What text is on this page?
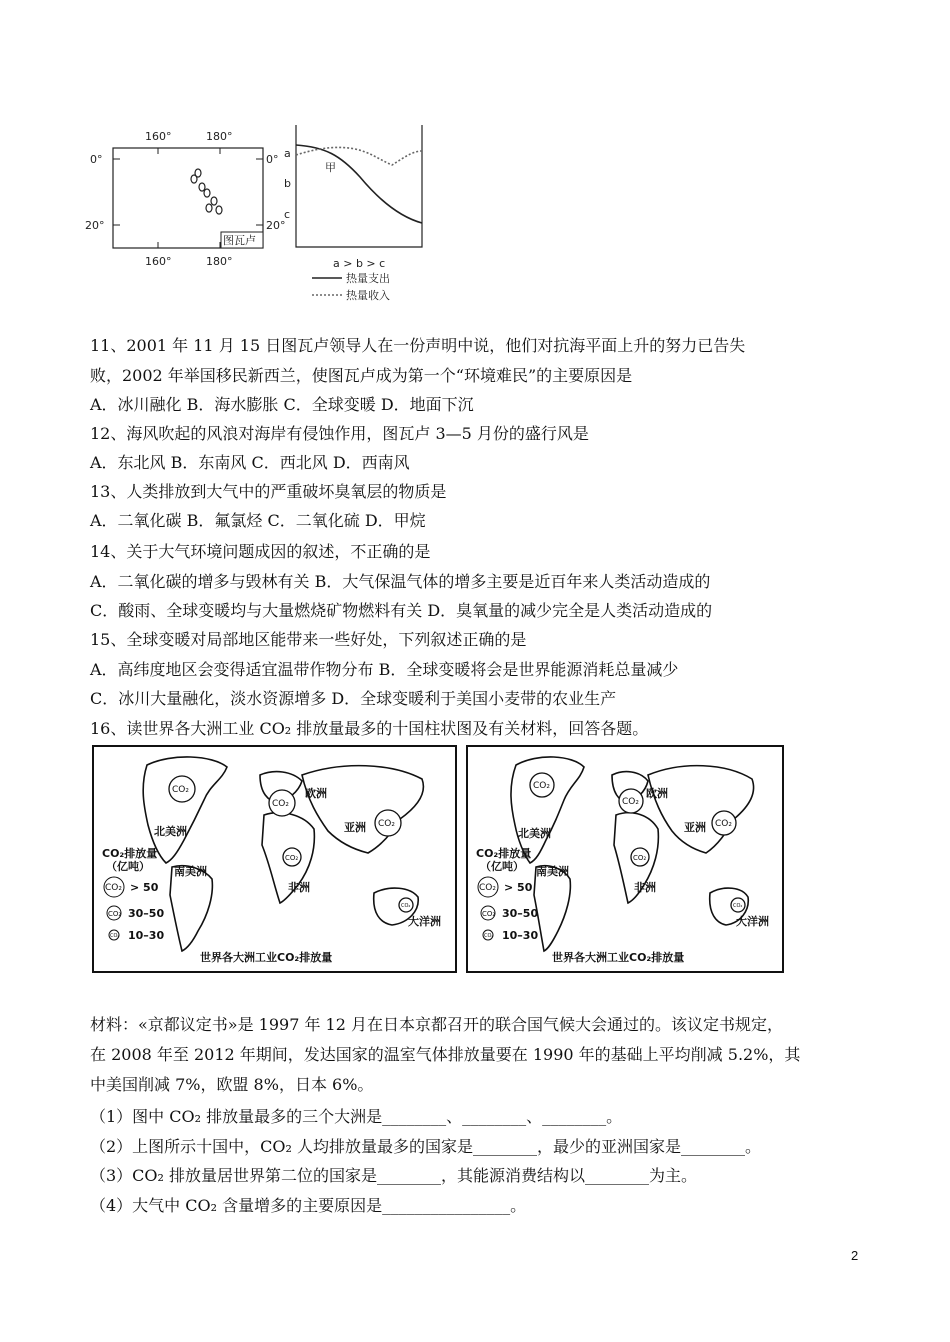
160°	180°
160°	180°
0°	0°
20°	20°
图瓦卢
a
b
c
甲
a > b > c
热量支出
热量收入
11、2001 年 11 月 15 日图瓦卢领导人在一份声明中说，他们对抗海平面上升的努力已告失
败，2002 年举国移民新西兰，使图瓦卢成为第一个“环境难民”的主要原因是
A．冰川融化 B．海水膨胀 C．全球变暖 D．地面下沉
12、海风吹起的风浪对海岸有侵蚀作用，图瓦卢 3—5 月份的盛行风是
A．东北风 B．东南风 C．西北风 D．西南风
13、人类排放到大气中的严重破坏臭氧层的物质是
A．二氧化碳 B．氟氯烃 C．二氧化硫 D．甲烷
14、关于大气环境问题成因的叙述，不正确的是
A．二氧化碳的增多与毁林有关 B．大气保温气体的增多主要是近百年来人类活动造成的
C．酸雨、全球变暖均与大量燃烧矿物燃料有关 D．臭氧量的减少完全是人类活动造成的
15、全球变暖对局部地区能带来一些好处，下列叙述正确的是
A．高纬度地区会变得适宜温带作物分布 B．全球变暖将会是世界能源消耗总量减少
C．冰川大量融化，淡水资源增多 D．全球变暖利于美国小麦带的农业生产
16、读世界各大洲工业 CO₂ 排放量最多的十国柱状图及有关材料，回答各题。
CO₂
CO₂
CO₂
CO₂
CO₂
北美洲
欧洲
亚洲
非洲
南美洲
大洋洲
CO₂排放量
（亿吨）
CO₂ > 50
CO₂ 30–50
CO₂ 10–30
世界各大洲工业CO₂排放量
CO₂
CO₂
CO₂
CO₂
CO₂
北美洲
欧洲
亚洲
非洲
南美洲
大洋洲
CO₂排放量
（亿吨）
CO₂ > 50
CO₂ 30–50
CO₂ 10–30
世界各大洲工业CO₂排放量
材料：«京都议定书»是 1997 年 12 月在日本京都召开的联合国气候大会通过的。该议定书规定，
在 2008 年至 2012 年期间，发达国家的温室气体排放量要在 1990 年的基础上平均削减 5.2%，其
中美国削减 7%，欧盟 8%，日本 6%。
（1）图中 CO₂ 排放量最多的三个大洲是________、________、________。
（2）上图所示十国中，CO₂ 人均排放量最多的国家是________，最少的亚洲国家是________。
（3）CO₂ 排放量居世界第二位的国家是________，其能源消费结构以________为主。
（4）大气中 CO₂ 含量增多的主要原因是________________。
2
